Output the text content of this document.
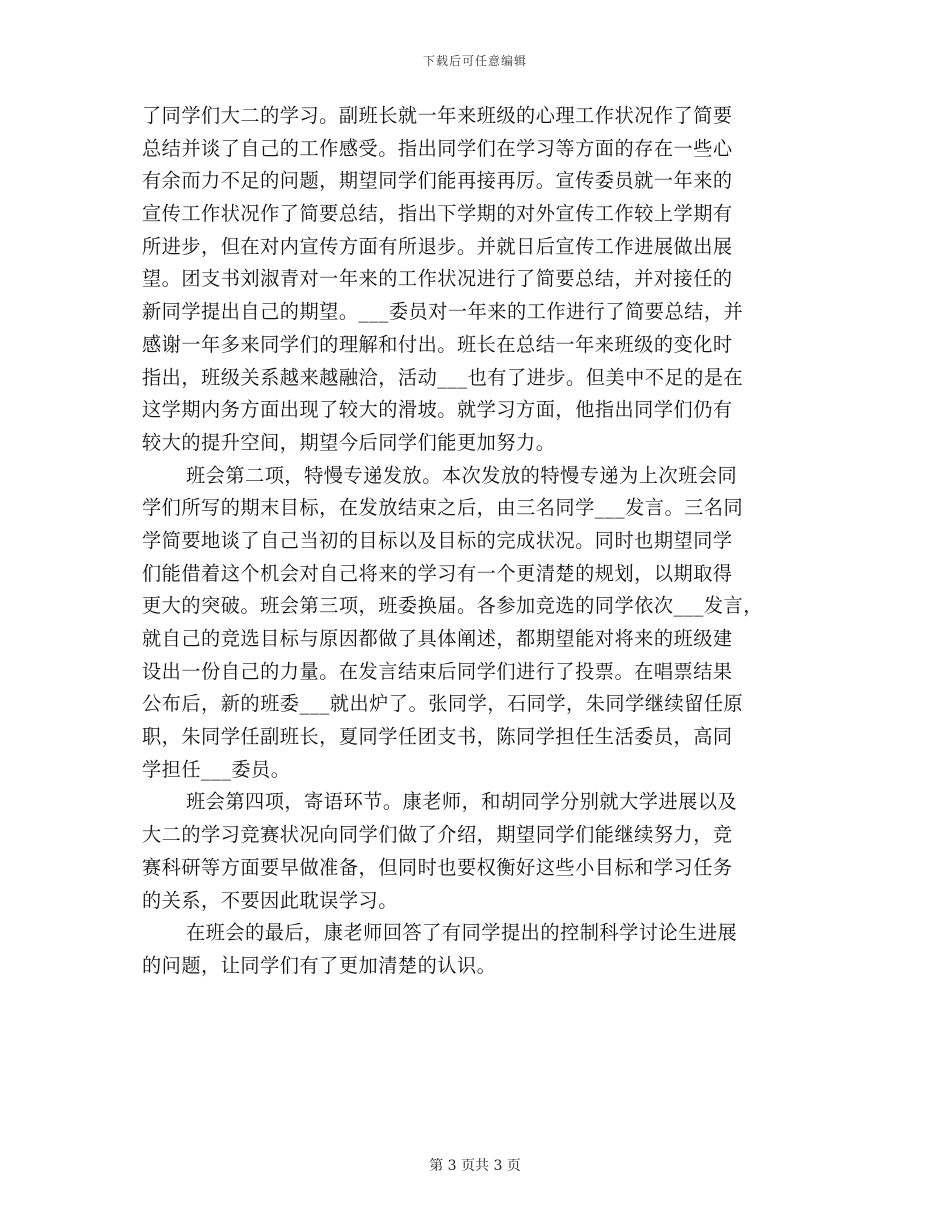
下载后可任意编辑
了同学们大二的学习。副班长就一年来班级的心理工作状况作了简要
总结并谈了自己的工作感受。指出同学们在学习等方面的存在一些心
有余而力不足的问题，期望同学们能再接再厉。宣传委员就一年来的
宣传工作状况作了简要总结，指出下学期的对外宣传工作较上学期有
所进步，但在对内宣传方面有所退步。并就日后宣传工作进展做出展
望。团支书刘淑青对一年来的工作状况进行了简要总结，并对接任的
新同学提出自己的期望。___委员对一年来的工作进行了简要总结，并
感谢一年多来同学们的理解和付出。班长在总结一年来班级的变化时
指出，班级关系越来越融洽，活动___也有了进步。但美中不足的是在
这学期内务方面出现了较大的滑坡。就学习方面，他指出同学们仍有
较大的提升空间，期望今后同学们能更加努力。
班会第二项，特慢专递发放。本次发放的特慢专递为上次班会同
学们所写的期末目标，在发放结束之后，由三名同学___发言。三名同
学简要地谈了自己当初的目标以及目标的完成状况。同时也期望同学
们能借着这个机会对自己将来的学习有一个更清楚的规划，以期取得
更大的突破。班会第三项，班委换届。各参加竞选的同学依次___发言，
就自己的竞选目标与原因都做了具体阐述，都期望能对将来的班级建
设出一份自己的力量。在发言结束后同学们进行了投票。在唱票结果
公布后，新的班委___就出炉了。张同学，石同学，朱同学继续留任原
职，朱同学任副班长，夏同学任团支书，陈同学担任生活委员，高同
学担任___委员。
班会第四项，寄语环节。康老师，和胡同学分别就大学进展以及
大二的学习竞赛状况向同学们做了介绍，期望同学们能继续努力，竞
赛科研等方面要早做准备，但同时也要权衡好这些小目标和学习任务
的关系，不要因此耽误学习。
在班会的最后，康老师回答了有同学提出的控制科学讨论生进展
的问题，让同学们有了更加清楚的认识。
第 3 页共 3 页
